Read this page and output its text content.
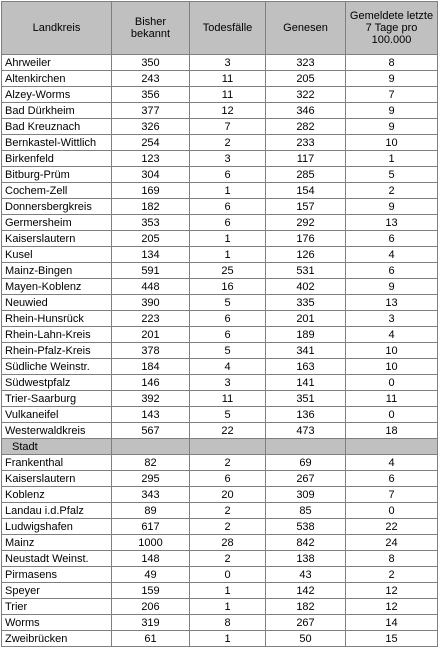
Landkreis	Bisher bekannt	Todesfälle	Genesen	Gemeldete letzte 7 Tage pro 100.000
Ahrweiler	350	3	323	8
Altenkirchen	243	11	205	9
Alzey-Worms	356	11	322	7
Bad Dürkheim	377	12	346	9
Bad Kreuznach	326	7	282	9
Bernkastel-Wittlich	254	2	233	10
Birkenfeld	123	3	117	1
Bitburg-Prüm	304	6	285	5
Cochem-Zell	169	1	154	2
Donnersbergkreis	182	6	157	9
Germersheim	353	6	292	13
Kaiserslautern	205	1	176	6
Kusel	134	1	126	4
Mainz-Bingen	591	25	531	6
Mayen-Koblenz	448	16	402	9
Neuwied	390	5	335	13
Rhein-Hunsrück	223	6	201	3
Rhein-Lahn-Kreis	201	6	189	4
Rhein-Pfalz-Kreis	378	5	341	10
Südliche Weinstr.	184	4	163	10
Südwestpfalz	146	3	141	0
Trier-Saarburg	392	11	351	11
Vulkaneifel	143	5	136	0
Westerwaldkreis	567	22	473	18
Stadt				
Frankenthal	82	2	69	4
Kaiserslautern	295	6	267	6
Koblenz	343	20	309	7
Landau i.d.Pfalz	89	2	85	0
Ludwigshafen	617	2	538	22
Mainz	1000	28	842	24
Neustadt Weinst.	148	2	138	8
Pirmasens	49	0	43	2
Speyer	159	1	142	12
Trier	206	1	182	12
Worms	319	8	267	14
Zweibrücken	61	1	50	15
